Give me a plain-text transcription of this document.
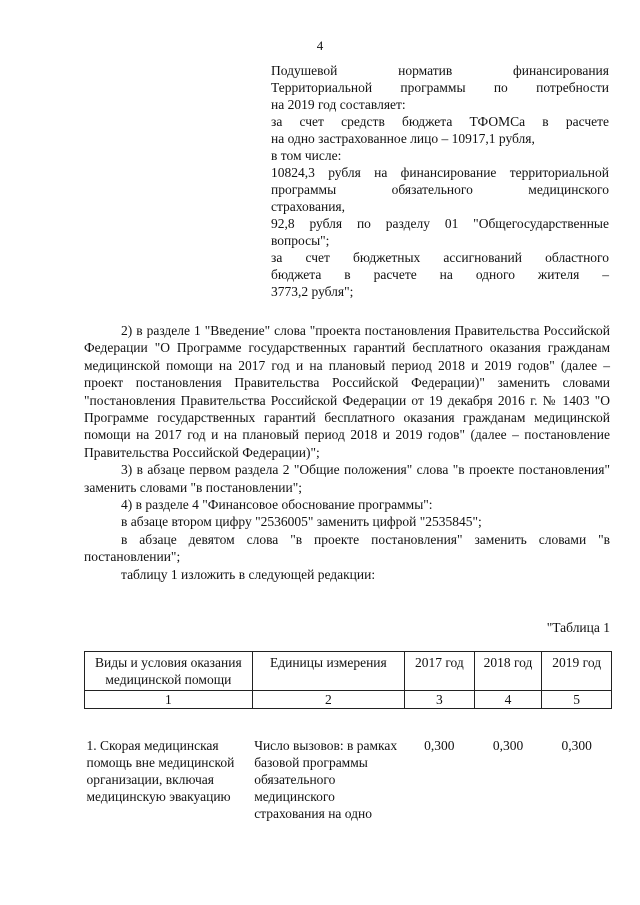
4

Подушевой норматив финансирования

Территориальной программы по потребности

на 2019 год составляет:

за счет средств бюджета ТФОМСа в расчете

на одно застрахованное лицо – 10917,1 рубля,

в том числе:

10824,3 рубля на финансирование территориальной

программы обязательного медицинского

страхования,

92,8 рубля по разделу 01 "Общегосударственные

вопросы";

за счет бюджетных ассигнований областного

бюджета в расчете на одного жителя –

3773,2 рубля";

2) в разделе 1 "Введение" слова "проекта постановления Правительства Российской Федерации "О Программе государственных гарантий бесплатного оказания гражданам медицинской помощи на 2017 год и на плановый период 2018 и 2019 годов" (далее – проект постановления Правительства Российской Федерации)" заменить словами "постановления Правительства Российской Федерации от 19 декабря 2016 г. № 1403 "О Программе государственных гарантий бесплатного оказания гражданам медицинской помощи на 2017 год и на плановый период 2018 и 2019 годов" (далее – постановление Правительства Российской Федерации)";

3) в абзаце первом раздела 2 "Общие положения" слова "в проекте постановления" заменить словами "в постановлении";

4) в разделе 4 "Финансовое обоснование программы":

в абзаце втором цифру "2536005" заменить цифрой "2535845";

в абзаце девятом слова "в проекте постановления" заменить словами "в постановлении";

таблицу 1 изложить в следующей редакции:

"Таблица 1
Виды и условия оказания медицинской помощи	Единицы измерения	2017 год	2018 год	2019 год
1	2	3	4	5
1. Скорая медицинская помощь вне медицинской организации, включая медицинскую эвакуацию	Число вызовов: в рамках базовой программы обязательного медицинского страхования на одно	0,300	0,300	0,300
